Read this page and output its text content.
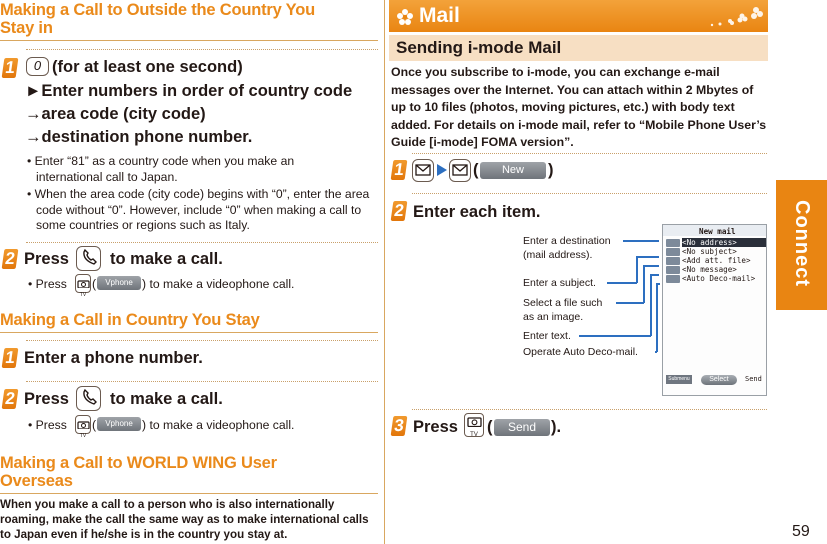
Making a Call to Outside the Country You
Stay in
1	0 (for at least one second)
►Enter numbers in order of country code
→area code (city code)
→destination phone number.
• Enter “81” as a country code when you make an international call to Japan.
• When the area code (city code) begins with “0”, enter the area code without “0”. However, include “0” when making a call to some countries or regions such as Italy.
2 Press to make a call.
• Press
TV
(	Vphone ) to make a videophone call.
Making a Call in Country You Stay
1 Enter a phone number.
2 Press to make a call.
• Press
TV
(	Vphone ) to make a videophone call.
Making a Call to WORLD WING User
Overseas
When you make a call to a person who is also internationally roaming, make the call the same way as to make international calls to Japan even if he/she is in the country you stay at.
Mail
Sending i-mode Mail
Once you subscribe to i-mode, you can exchange e-mail messages over the Internet. You can attach within 2 Mbytes of up to 10 files (photos, moving pictures, etc.) with body text added. For details on i-mode mail, refer to “Mobile Phone User’s Guide [i-mode] FOMA version”.
1	(	New	)
2 Enter each item.
Enter a destination
(mail address).
Enter a subject.
Select a file such
as an image.
Enter text.
Operate Auto Deco-mail.
New mail
<No address>
<No subject>
<Add att. file>
<No message>
<Auto Deco-mail>
Submenu	Select	Send
3 Press	TV (	Send ).
Connect
59
